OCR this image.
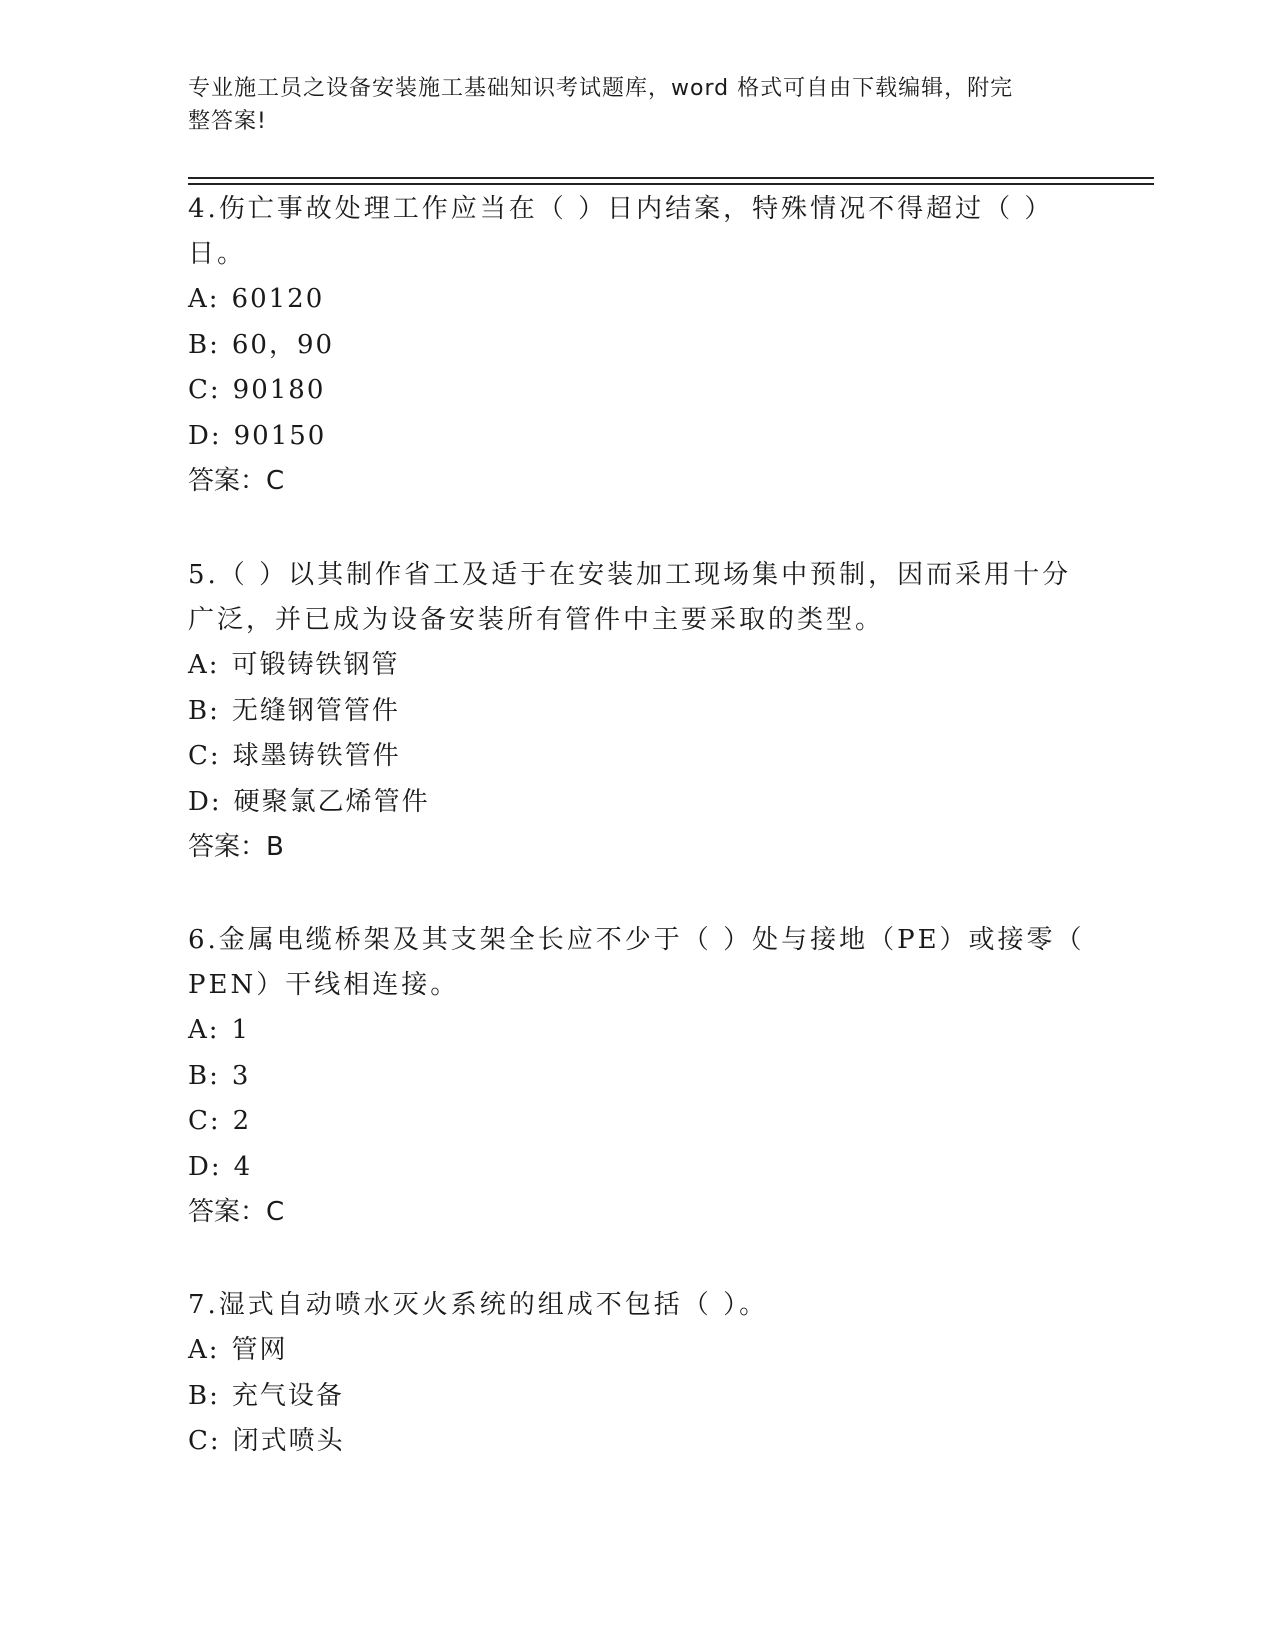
专业施工员之设备安装施工基础知识考试题库，word 格式可自由下载编辑，附完
整答案!

4.伤亡事故处理工作应当在（ ）日内结案，特殊情况不得超过（ ）
日。

A: 60120

B: 60，90

C: 90180

D: 90150

答案：C

5.（ ）以其制作省工及适于在安装加工现场集中预制，因而采用十分
广泛，并已成为设备安装所有管件中主要采取的类型。

A: 可锻铸铁钢管

B: 无缝钢管管件

C: 球墨铸铁管件

D: 硬聚氯乙烯管件

答案：B

6.金属电缆桥架及其支架全长应不少于（ ）处与接地（PE）或接零（
PEN）干线相连接。

A: 1

B: 3

C: 2

D: 4

答案：C

7.湿式自动喷水灭火系统的组成不包括（ ）。

A: 管网

B: 充气设备

C: 闭式喷头
